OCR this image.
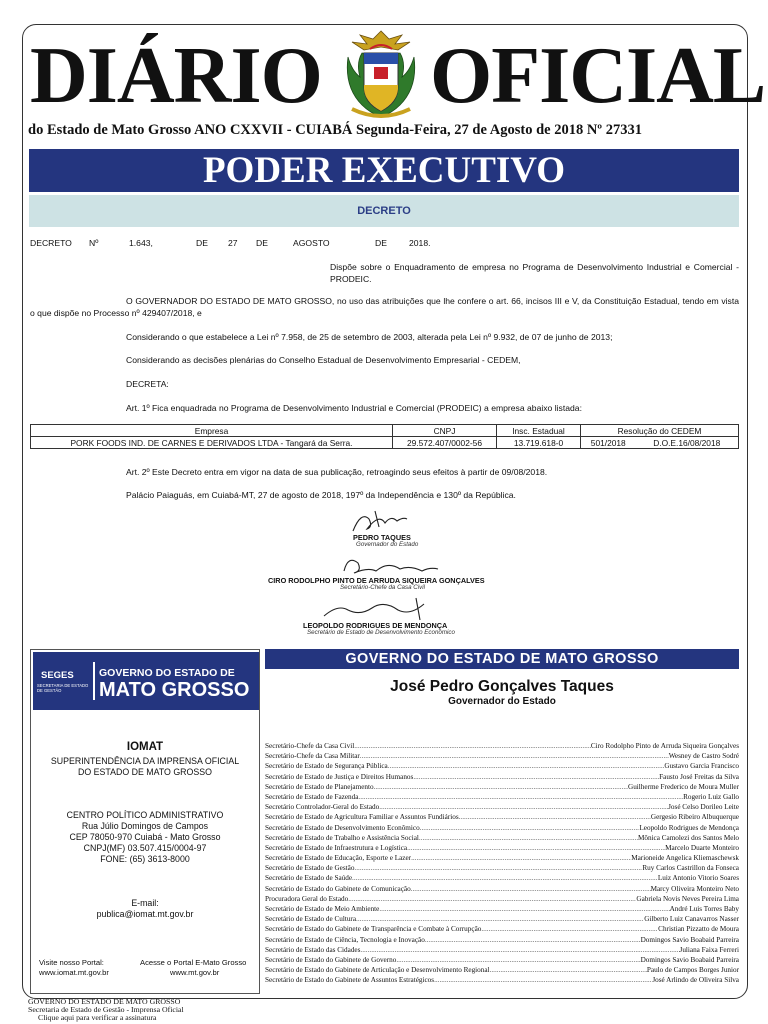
DIÁRIO OFICIAL
do Estado de Mato Grosso ANO CXXVII - CUIABÁ Segunda-Feira, 27 de Agosto de 2018 Nº 27331
PODER EXECUTIVO
DECRETO
DECRETO Nº	1.643,	DE 27 DE	AGOSTO	DE	2018.
Dispõe sobre o Enquadramento de empresa no Programa de Desenvolvimento Industrial e Comercial - PRODEIC.
O GOVERNADOR DO ESTADO DE MATO GROSSO, no uso das atribuições que lhe confere o art. 66, incisos III e V, da Constituição Estadual, tendo em vista o que dispõe no Processo nº 429407/2018, e
Considerando o que estabelece a Lei nº 7.958, de 25 de setembro de 2003, alterada pela Lei nº 9.932, de 07 de junho de 2013;
Considerando as decisões plenárias do Conselho Estadual de Desenvolvimento Empresarial - CEDEM,
DECRETA:
Art. 1º Fica enquadrada no Programa de Desenvolvimento Industrial e Comercial (PRODEIC) a empresa abaixo listada:
Empresa	CNPJ	Insc. Estadual	Resolução do CEDEM	
PORK FOODS IND. DE CARNES E DERIVADOS LTDA - Tangará da Serra.	29.572.407/0002-56	13.719.618-0	501/2018	D.O.E.16/08/2018
Art. 2º Este Decreto entra em vigor na data de sua publicação, retroagindo seus efeitos à partir de 09/08/2018.
Palácio Paiaguás, em Cuiabá-MT, 27 de agosto de 2018, 197º da Independência e 130º da República.
PEDRO TAQUES
Governador do Estado
CIRO RODOLPHO PINTO DE ARRUDA SIQUEIRA GONÇALVES
Secretário-Chefe da Casa Civil
LEOPOLDO RODRIGUES DE MENDONÇA
Secretário de Estado de Desenvolvimento Econômico
SEGES
SECRETARIA DE ESTADO DE GESTÃO
GOVERNO DO ESTADO DE
MATO GROSSO
IOMAT
SUPERINTENDÊNCIA DA IMPRENSA OFICIAL
DO ESTADO DE MATO GROSSO
CENTRO POLÍTICO ADMINISTRATIVO
Rua Júlio Domingos de Campos
CEP 78050-970 Cuiabá - Mato Grosso
CNPJ(MF) 03.507.415/0004-97
FONE: (65) 3613-8000
E-mail:
publica@iomat.mt.gov.br
Visite nosso Portal:
www.iomat.mt.gov.br
Acesse o Portal E-Mato Grosso
www.mt.gov.br
GOVERNO DO ESTADO DE MATO GROSSO
José Pedro Gonçalves Taques
Governador do Estado
Secretário-Chefe da Casa Civil .....	Ciro Rodolpho Pinto de Arruda Siqueira Gonçalves
Secretário-Chefe da Casa Militar .....	Wesney de Castro Sodré
Secretário de Estado de Segurança Pública .....	Gustavo Garcia Francisco
Secretário de Estado de Justiça e Direitos Humanos .....	Fausto José Freitas da Silva
Secretário de Estado de Planejamento .....	Guilherme Frederico de Moura Muller
Secretário de Estado de Fazenda .....	Rogerio Luiz Gallo
Secretário Controlador-Geral do Estado .....	José Celso Dorileo Leite
Secretário de Estado de Agricultura Familiar e Assuntos Fundiários .....	Gergesio Ribeiro Albuquerque
Secretário de Estado de Desenvolvimento Econômico .....	Leopoldo Rodrigues de Mendonça
Secretário de Estado de Trabalho e Assistência Social .....	Mônica Camolezi dos Santos Melo
Secretário de Estado de Infraestrutura e Logística .....	Marcelo Duarte Monteiro
Secretário de Estado de Educação, Esporte e Lazer .....	Marioneide Angelica Kliemaschewsk
Secretário de Estado de Gestão .....	Ruy Carlos Castrillon da Fonseca
Secretário de Estado de Saúde .....	Luiz Antonio Vitorio Soares
Secretário de Estado do Gabinete de Comunicação .....	Marcy Oliveira Monteiro Neto
Procuradora Geral do Estado .....	Gabriela Novis Neves Pereira Lima
Secretário de Estado de Meio Ambiente .....	André Luis Torres Baby
Secretário de Estado de Cultura .....	Gilberto Luiz Canavarros Nasser
Secretário de Estado do Gabinete de Transparência e Combate à Corrupção .....	Christian Pizzatto de Moura
Secretário de Estado de Ciência, Tecnologia e Inovação .....	Domingos Savio Boabaid Parreira
Secretário de Estado das Cidades .....	Juliana Faixa Ferreri
Secretário de Estado do Gabinete de Governo .....	Domingos Savio Boabaid Parreira
Secretário de Estado do Gabinete de Articulação e Desenvolvimento Regional .....	Paulo de Campos Borges Junior
Secretário de Estado do Gabinete de Assuntos Estratégicos .....	José Arlindo de Oliveira Silva
GOVERNO DO ESTADO DE MATO GROSSO
Secretaria de Estado de Gestão - Imprensa Oficial
Clique aqui para verificar a assinatura
